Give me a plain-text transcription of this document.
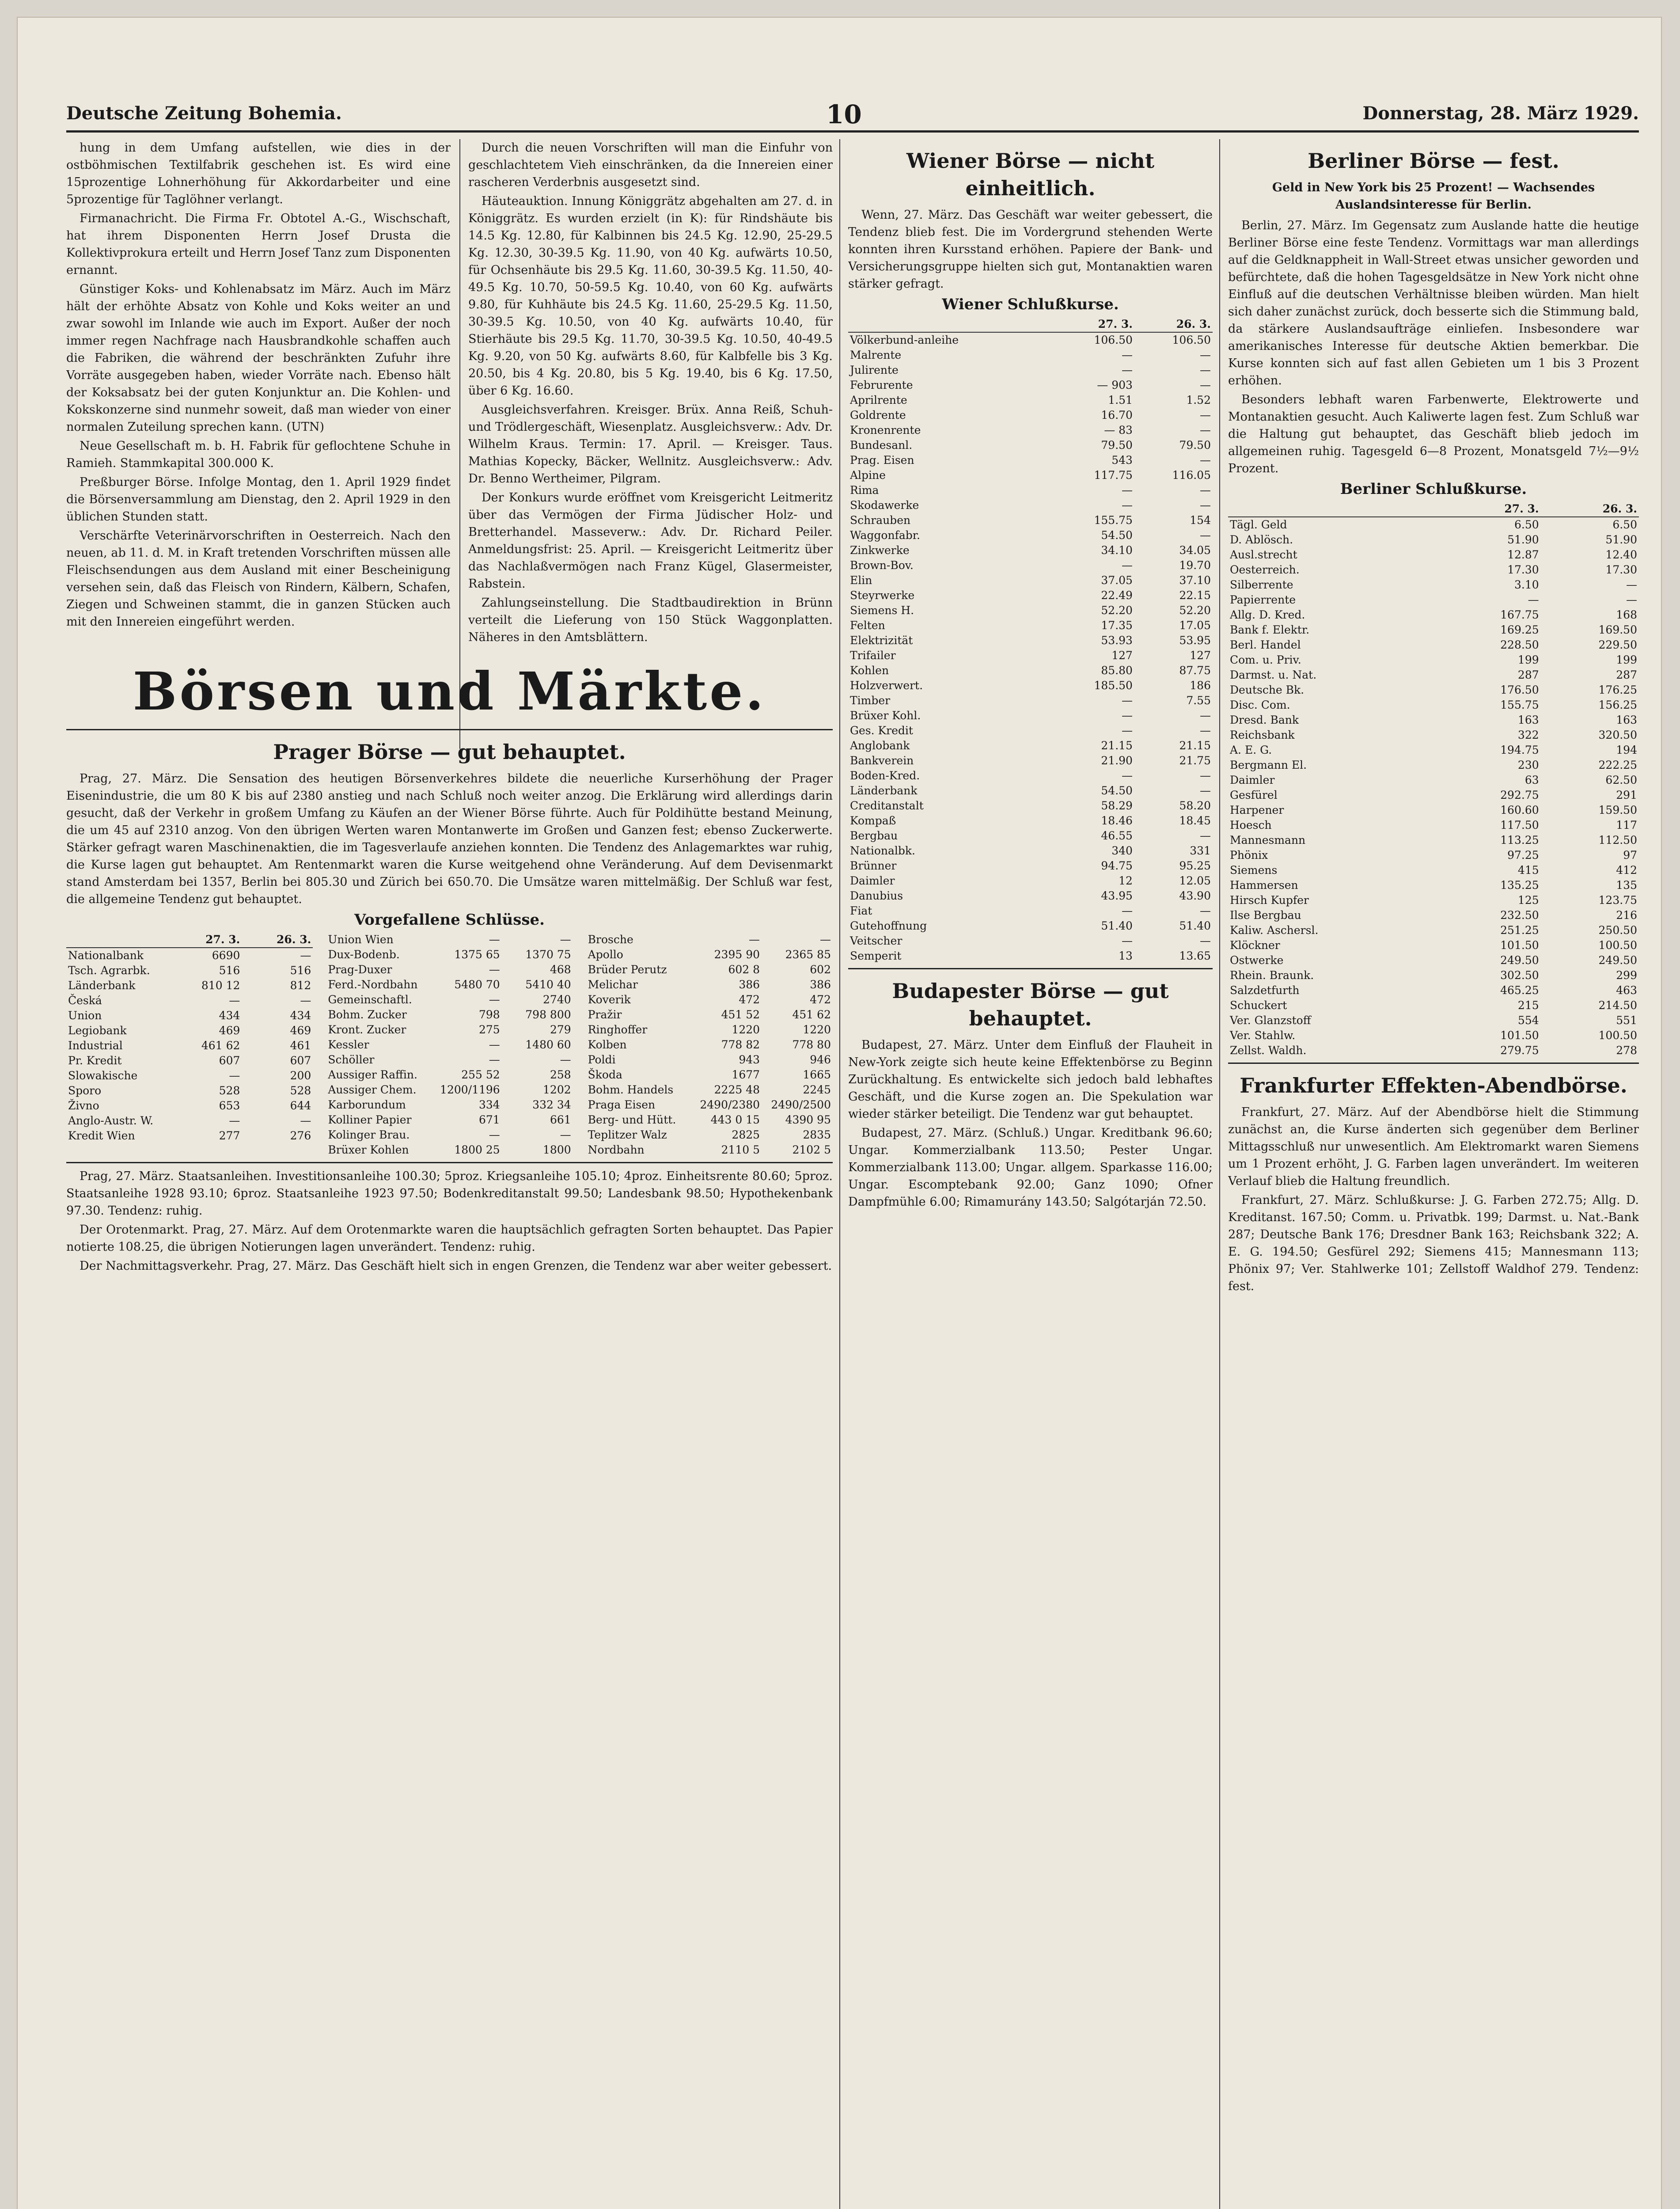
Deutsche Zeitung Bohemia.	10	Donnerstag, 28. März 1929.

hung in dem Umfang aufstellen, wie dies in der ostböhmischen Textilfabrik geschehen ist. Es wird eine 15prozentige Lohnerhöhung für Akkordarbeiter und eine 5prozentige für Taglöhner verlangt.

Firmanachricht. Die Firma Fr. Obtotel A.-G., Wischschaft, hat ihrem Disponenten Herrn Josef Drusta die Kollektivprokura erteilt und Herrn Josef Tanz zum Disponenten ernannt.

Günstiger Koks- und Kohlenabsatz im März. Auch im März hält der erhöhte Absatz von Kohle und Koks weiter an und zwar sowohl im Inlande wie auch im Export. Außer der noch immer regen Nachfrage nach Hausbrandkohle schaffen auch die Fabriken, die während der beschränkten Zufuhr ihre Vorräte ausgegeben haben, wieder Vorräte nach. Ebenso hält der Koksabsatz bei der guten Konjunktur an. Die Kohlen- und Kokskonzerne sind nunmehr soweit, daß man wieder von einer normalen Zuteilung sprechen kann. (UTN)

Neue Gesellschaft m. b. H. Fabrik für geflochtene Schuhe in Ramieh. Stammkapital 300.000 K.

Preßburger Börse. Infolge Montag, den 1. April 1929 findet die Börsenversammlung am Dienstag, den 2. April 1929 in den üblichen Stunden statt.

Verschärfte Veterinärvorschriften in Oesterreich. Nach den neuen, ab 11. d. M. in Kraft tretenden Vorschriften müssen alle Fleischsendungen aus dem Ausland mit einer Bescheinigung versehen sein, daß das Fleisch von Rindern, Kälbern, Schafen, Ziegen und Schweinen stammt, die in ganzen Stücken auch mit den Innereien eingeführt werden.

Durch die neuen Vorschriften will man die Einfuhr von geschlachtetem Vieh einschränken, da die Innereien einer rascheren Verderbnis ausgesetzt sind.

Häuteauktion. Innung Königgrätz abgehalten am 27. d. in Königgrätz. Es wurden erzielt (in K): für Rindshäute bis 14.5 Kg. 12.80, für Kalbinnen bis 24.5 Kg. 12.90, 25-29.5 Kg. 12.30, 30-39.5 Kg. 11.90, von 40 Kg. aufwärts 10.50, für Ochsenhäute bis 29.5 Kg. 11.60, 30-39.5 Kg. 11.50, 40-49.5 Kg. 10.70, 50-59.5 Kg. 10.40, von 60 Kg. aufwärts 9.80, für Kuhhäute bis 24.5 Kg. 11.60, 25-29.5 Kg. 11.50, 30-39.5 Kg. 10.50, von 40 Kg. aufwärts 10.40, für Stierhäute bis 29.5 Kg. 11.70, 30-39.5 Kg. 10.50, 40-49.5 Kg. 9.20, von 50 Kg. aufwärts 8.60, für Kalbfelle bis 3 Kg. 20.50, bis 4 Kg. 20.80, bis 5 Kg. 19.40, bis 6 Kg. 17.50, über 6 Kg. 16.60.

Ausgleichsverfahren. Kreisger. Brüx. Anna Reiß, Schuh- und Trödlergeschäft, Wiesenplatz. Ausgleichsverw.: Adv. Dr. Wilhelm Kraus. Termin: 17. April. — Kreisger. Taus. Mathias Kopecky, Bäcker, Wellnitz. Ausgleichsverw.: Adv. Dr. Benno Wertheimer, Pilgram.

Der Konkurs wurde eröffnet vom Kreisgericht Leitmeritz über das Vermögen der Firma Jüdischer Holz- und Bretterhandel. Masseverw.: Adv. Dr. Richard Peiler. Anmeldungsfrist: 25. April. — Kreisgericht Leitmeritz über das Nachlaßvermögen nach Franz Kügel, Glasermeister, Rabstein.

Zahlungseinstellung. Die Stadtbaudirektion in Brünn verteilt die Lieferung von 150 Stück Waggonplatten. Näheres in den Amtsblättern.

Börsen und Märkte.
Prager Börse — gut behauptet.

Prag, 27. März. Die Sensation des heutigen Börsenverkehres bildete die neuerliche Kurserhöhung der Prager Eisenindustrie, die um 80 K bis auf 2380 anstieg und nach Schluß noch weiter anzog. Die Erklärung wird allerdings darin gesucht, daß der Verkehr in großem Umfang zu Käufen an der Wiener Börse führte. Auch für Poldihütte bestand Meinung, die um 45 auf 2310 anzog. Von den übrigen Werten waren Montanwerte im Großen und Ganzen fest; ebenso Zuckerwerte. Stärker gefragt waren Maschinenaktien, die im Tagesverlaufe anziehen konnten. Die Tendenz des Anlagemarktes war ruhig, die Kurse lagen gut behauptet. Am Rentenmarkt waren die Kurse weitgehend ohne Veränderung. Auf dem Devisenmarkt stand Amsterdam bei 1357, Berlin bei 805.30 und Zürich bei 650.70. Die Umsätze waren mittelmäßig. Der Schluß war fest, die allgemeine Tendenz gut behauptet.

Vorgefallene Schlüsse.
	27. 3.	26. 3.
Nationalbank	6690	—
Tsch. Agrarbk.	516	516
Länderbank	810 12	812
Česká	—	—
Union	434	434
Legiobank	469	469
Industrial	461 62	461
Pr. Kredit	607	607
Slowakische	—	200
Sporo	528	528
Živno	653	644
Anglo-Austr. W.	—	—
Kredit Wien	277	276
Union Wien	—	—
Dux-Bodenb.	1375 65	1370 75
Prag-Duxer	—	468
Ferd.-Nordbahn	5480 70	5410 40
Gemeinschaftl.	—	2740
Bohm. Zucker	798	798 800
Kront. Zucker	275	279
Kessler	—	1480 60
Schöller	—	—
Aussiger Raffin.	255 52	258
Aussiger Chem.	1200/1196	1202
Karborundum	334	332 34
Kolliner Papier	671	661
Kolinger Brau.	—	—
Brüxer Kohlen	1800 25	1800
Brosche	—	—
Apollo	2395 90	2365 85
Brüder Perutz	602 8	602
Melichar	386	386
Koverik	472	472
Pražir	451 52	451 62
Ringhoffer	1220	1220
Kolben	778 82	778 80
Poldi	943	946
Škoda	1677	1665
Bohm. Handels	2225 48	2245
Praga Eisen	2490/2380	2490/2500
Berg- und Hütt.	443 0 15	4390 95
Teplitzer Walz	2825	2835
Nordbahn	2110 5	2102 5

Prag, 27. März. Staatsanleihen. Investitionsanleihe 100.30; 5proz. Kriegsanleihe 105.10; 4proz. Einheitsrente 80.60; 5proz. Staatsanleihe 1928 93.10; 6proz. Staatsanleihe 1923 97.50; Bodenkreditanstalt 99.50; Landesbank 98.50; Hypothekenbank 97.30. Tendenz: ruhig.

Der Orotenmarkt. Prag, 27. März. Auf dem Orotenmarkte waren die hauptsächlich gefragten Sorten behauptet. Das Papier notierte 108.25, die übrigen Notierungen lagen unverändert. Tendenz: ruhig.

Der Nachmittagsverkehr. Prag, 27. März. Das Geschäft hielt sich in engen Grenzen, die Tendenz war aber weiter gebessert.

Wiener Börse — nicht einheitlich.

Wenn, 27. März. Das Geschäft war weiter gebessert, die Tendenz blieb fest. Die im Vordergrund stehenden Werte konnten ihren Kursstand erhöhen. Papiere der Bank- und Versicherungsgruppe hielten sich gut, Montanaktien waren stärker gefragt.

Wiener Schlußkurse.
	27. 3.	26. 3.
Völkerbund-anleihe	106.50	106.50
Malrente	—	—
Julirente	—	—
Februrente	— 903	—
Aprilrente	1.51	1.52
Goldrente	16.70	—
Kronenrente	— 83	—
Bundesanl.	79.50	79.50
Prag. Eisen	543	—
Alpine	117.75	116.05
Rima	—	—
Skodawerke	—	—
Schrauben	155.75	154
Waggonfabr.	54.50	—
Zinkwerke	34.10	34.05
Brown-Bov.	—	19.70
Elin	37.05	37.10
Steyrwerke	22.49	22.15
Siemens H.	52.20	52.20
Felten	17.35	17.05
Elektrizität	53.93	53.95
Trifailer	127	127
Kohlen	85.80	87.75
Holzverwert.	185.50	186
Timber	—	7.55
Brüxer Kohl.	—	—
Ges. Kredit	—	—
Anglobank	21.15	21.15
Bankverein	21.90	21.75
Boden-Kred.	—	—
Länderbank	54.50	—
Creditanstalt	58.29	58.20
Kompaß	18.46	18.45
Bergbau	46.55	—
Nationalbk.	340	331
Brünner	94.75	95.25
Daimler	12	12.05
Danubius	43.95	43.90
Fiat	—	—
Gutehoffnung	51.40	51.40
Veitscher	—	—
Semperit	13	13.65
Budapester Börse — gut behauptet.

Budapest, 27. März. Unter dem Einfluß der Flauheit in New-York zeigte sich heute keine Effektenbörse zu Beginn Zurückhaltung. Es entwickelte sich jedoch bald lebhaftes Geschäft, und die Kurse zogen an. Die Spekulation war wieder stärker beteiligt. Die Tendenz war gut behauptet.

Budapest, 27. März. (Schluß.) Ungar. Kreditbank 96.60; Ungar. Kommerzialbank 113.50; Pester Ungar. Kommerzialbank 113.00; Ungar. allgem. Sparkasse 116.00; Ungar. Escomptebank 92.00; Ganz 1090; Ofner Dampfmühle 6.00; Rimamurány 143.50; Salgótarján 72.50.

Berliner Börse — fest.
Geld in New York bis 25 Prozent! — Wachsendes Auslandsinteresse für Berlin.

Berlin, 27. März. Im Gegensatz zum Auslande hatte die heutige Berliner Börse eine feste Tendenz. Vormittags war man allerdings auf die Geldknappheit in Wall-Street etwas unsicher geworden und befürchtete, daß die hohen Tagesgeldsätze in New York nicht ohne Einfluß auf die deutschen Verhältnisse bleiben würden. Man hielt sich daher zunächst zurück, doch besserte sich die Stimmung bald, da stärkere Auslandsaufträge einliefen. Insbesondere war amerikanisches Interesse für deutsche Aktien bemerkbar. Die Kurse konnten sich auf fast allen Gebieten um 1 bis 3 Prozent erhöhen.

Besonders lebhaft waren Farbenwerte, Elektrowerte und Montanaktien gesucht. Auch Kaliwerte lagen fest. Zum Schluß war die Haltung gut behauptet, das Geschäft blieb jedoch im allgemeinen ruhig. Tagesgeld 6—8 Prozent, Monatsgeld 7½—9½ Prozent.

Berliner Schlußkurse.
	27. 3.	26. 3.
Tägl. Geld	6.50	6.50
D. Ablösch.	51.90	51.90
Ausl.strecht	12.87	12.40
Oesterreich.	17.30	17.30
Silberrente	3.10	—
Papierrente	—	—
Allg. D. Kred.	167.75	168
Bank f. Elektr.	169.25	169.50
Berl. Handel	228.50	229.50
Com. u. Priv.	199	199
Darmst. u. Nat.	287	287
Deutsche Bk.	176.50	176.25
Disc. Com.	155.75	156.25
Dresd. Bank	163	163
Reichsbank	322	320.50
A. E. G.	194.75	194
Bergmann El.	230	222.25
Daimler	63	62.50
Gesfürel	292.75	291
Harpener	160.60	159.50
Hoesch	117.50	117
Mannesmann	113.25	112.50
Phönix	97.25	97
Siemens	415	412
Hammersen	135.25	135
Hirsch Kupfer	125	123.75
Ilse Bergbau	232.50	216
Kaliw. Aschersl.	251.25	250.50
Klöckner	101.50	100.50
Ostwerke	249.50	249.50
Rhein. Braunk.	302.50	299
Salzdetfurth	465.25	463
Schuckert	215	214.50
Ver. Glanzstoff	554	551
Ver. Stahlw.	101.50	100.50
Zellst. Waldh.	279.75	278
Frankfurter Effekten-Abendbörse.

Frankfurt, 27. März. Auf der Abendbörse hielt die Stimmung zunächst an, die Kurse änderten sich gegenüber dem Berliner Mittagsschluß nur unwesentlich. Am Elektromarkt waren Siemens um 1 Prozent erhöht, J. G. Farben lagen unverändert. Im weiteren Verlauf blieb die Haltung freundlich.

Frankfurt, 27. März. Schlußkurse: J. G. Farben 272.75; Allg. D. Kreditanst. 167.50; Comm. u. Privatbk. 199; Darmst. u. Nat.-Bank 287; Deutsche Bank 176; Dresdner Bank 163; Reichsbank 322; A. E. G. 194.50; Gesfürel 292; Siemens 415; Mannesmann 113; Phönix 97; Ver. Stahlwerke 101; Zellstoff Waldhof 279. Tendenz: fest.
